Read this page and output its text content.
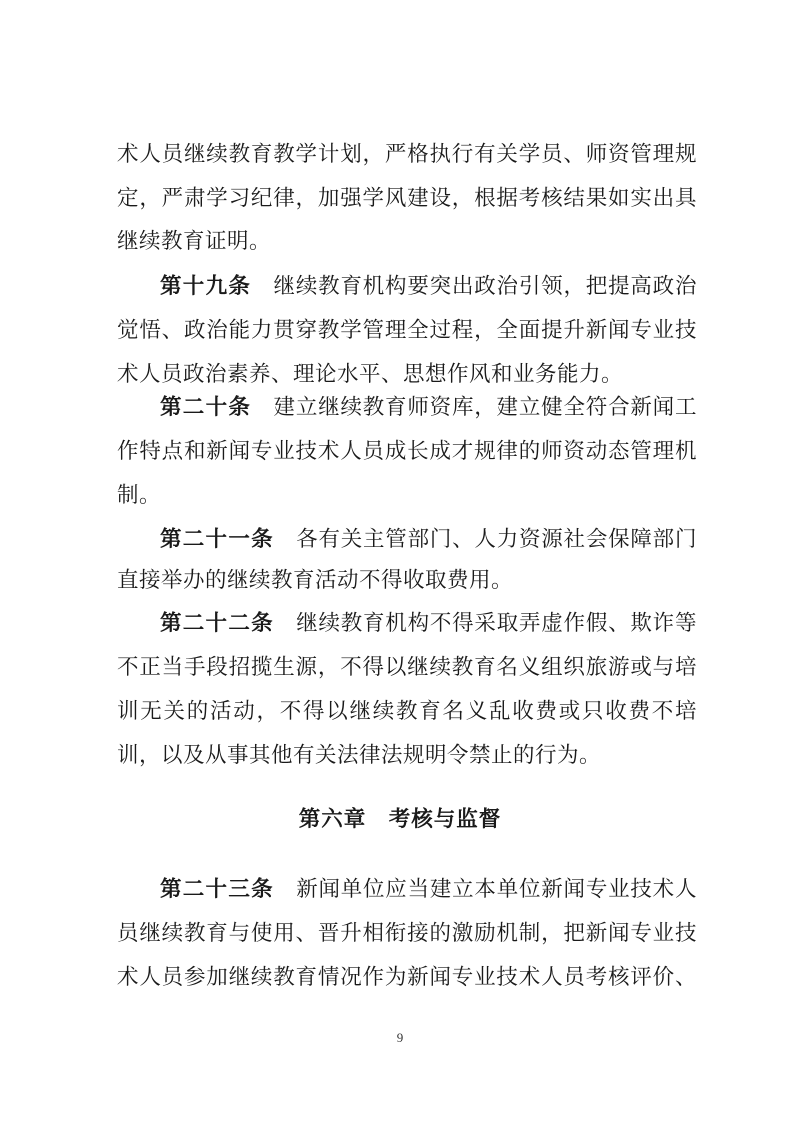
术人员继续教育教学计划，严格执行有关学员、师资管理规
定，严肃学习纪律，加强学风建设，根据考核结果如实出具
继续教育证明。
第十九条　 继续教育机构要突出政治引领，把提高政治
觉悟、政治能力贯穿教学管理全过程，全面提升新闻专业技
术人员政治素养、理论水平、思想作风和业务能力。
第二十条　 建立继续教育师资库，建立健全符合新闻工
作特点和新闻专业技术人员成长成才规律的师资动态管理机
制。
第二十一条　 各有关主管部门、人力资源社会保障部门
直接举办的继续教育活动不得收取费用。
第二十二条　 继续教育机构不得采取弄虚作假、欺诈等
不正当手段招揽生源，不得以继续教育名义组织旅游或与培
训无关的活动，不得以继续教育名义乱收费或只收费不培
训，以及从事其他有关法律法规明令禁止的行为。
第六章　考核与监督
第二十三条　 新闻单位应当建立本单位新闻专业技术人
员继续教育与使用、晋升相衔接的激励机制，把新闻专业技
术人员参加继续教育情况作为新闻专业技术人员考核评价、
9
